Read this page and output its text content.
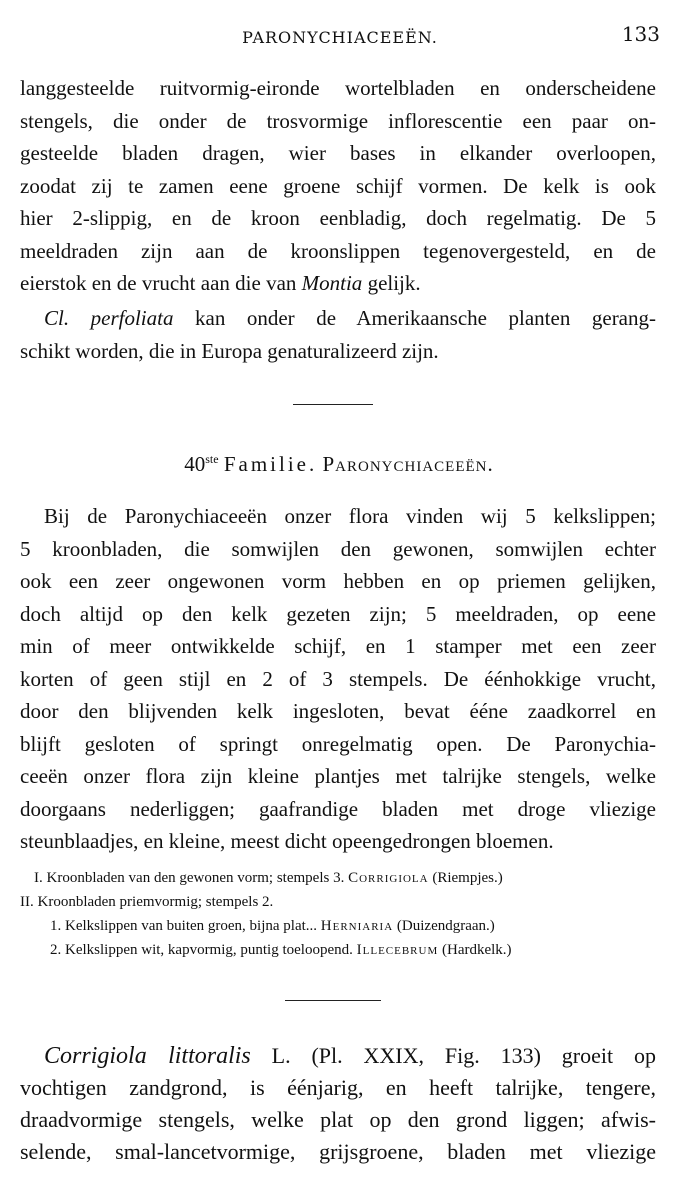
PARONYCHIACEEËN.	133
langgesteelde ruitvormig-eironde wortelbladen en onderscheidene
stengels, die onder de trosvormige inflorescentie een paar on-
gesteelde bladen dragen, wier bases in elkander overloopen,
zoodat zij te zamen eene groene schijf vormen. De kelk is ook
hier 2-slippig, en de kroon eenbladig, doch regelmatig. De 5
meeldraden zijn aan de kroonslippen tegenovergesteld, en de
eierstok en de vrucht aan die van Montia gelijk.
Cl. perfoliata kan onder de Amerikaansche planten gerang-
schikt worden, die in Europa genaturalizeerd zijn.
40ste Familie. Paronychiaceeën.
Bij de Paronychiaceeën onzer flora vinden wij 5 kelkslippen;
5 kroonbladen, die somwijlen den gewonen, somwijlen echter
ook een zeer ongewonen vorm hebben en op priemen gelijken,
doch altijd op den kelk gezeten zijn; 5 meeldraden, op eene
min of meer ontwikkelde schijf, en 1 stamper met een zeer
korten of geen stijl en 2 of 3 stempels. De éénhokkige vrucht,
door den blijvenden kelk ingesloten, bevat ééne zaadkorrel en
blijft gesloten of springt onregelmatig open. De Paronychia-
ceeën onzer flora zijn kleine plantjes met talrijke stengels, welke
doorgaans nederliggen; gaafrandige bladen met droge vliezige
steunblaadjes, en kleine, meest dicht opeengedrongen bloemen.
I. Kroonbladen van den gewonen vorm; stempels 3. Corrigiola (Riempjes.)
II. Kroonbladen priemvormig; stempels 2.
1. Kelkslippen van buiten groen, bijna plat... Herniaria (Duizendgraan.)
2. Kelkslippen wit, kapvormig, puntig toeloopend. Illecebrum (Hardkelk.)
Corrigiola littoralis L. (Pl. XXIX, Fig. 133) groeit op
vochtigen zandgrond, is éénjarig, en heeft talrijke, tengere,
draadvormige stengels, welke plat op den grond liggen; afwis-
selende, smal-lancetvormige, grijsgroene, bladen met vliezige
